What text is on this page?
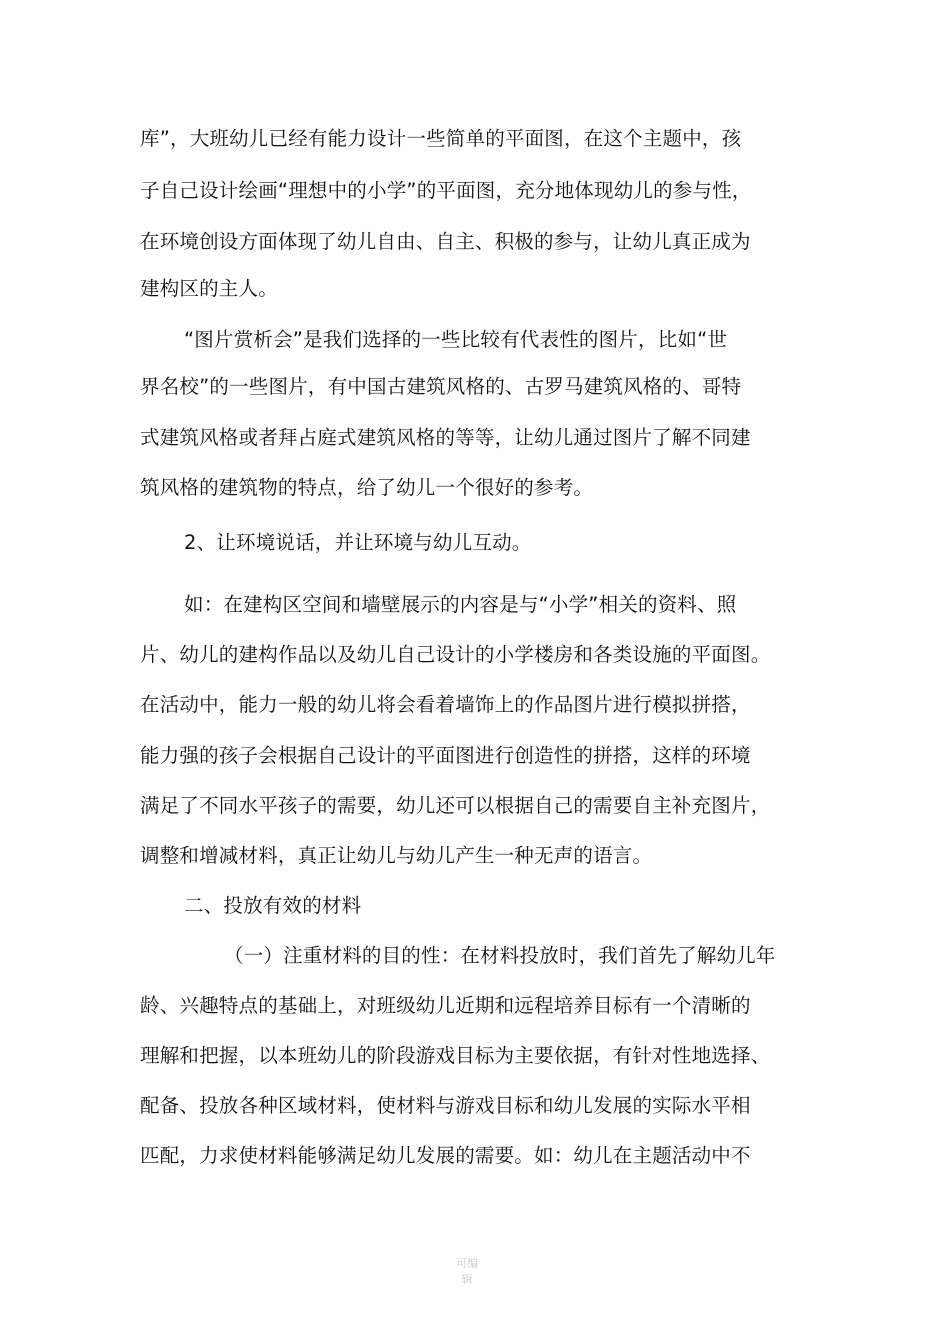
库”，大班幼儿已经有能力设计一些简单的平面图，在这个主题中，孩
子自己设计绘画“理想中的小学”的平面图，充分地体现幼儿的参与性，
在环境创设方面体现了幼儿自由、自主、积极的参与，让幼儿真正成为
建构区的主人。
“图片赏析会”是我们选择的一些比较有代表性的图片，比如“世
界名校”的一些图片，有中国古建筑风格的、古罗马建筑风格的、哥特
式建筑风格或者拜占庭式建筑风格的等等，让幼儿通过图片了解不同建
筑风格的建筑物的特点，给了幼儿一个很好的参考。
2、让环境说话，并让环境与幼儿互动。
如：在建构区空间和墙壁展示的内容是与“小学”相关的资料、照
片、幼儿的建构作品以及幼儿自己设计的小学楼房和各类设施的平面图。
在活动中，能力一般的幼儿将会看着墙饰上的作品图片进行模拟拼搭，
能力强的孩子会根据自己设计的平面图进行创造性的拼搭，这样的环境
满足了不同水平孩子的需要，幼儿还可以根据自己的需要自主补充图片，
调整和增减材料，真正让幼儿与幼儿产生一种无声的语言。
二、投放有效的材料
（一）注重材料的目的性：在材料投放时，我们首先了解幼儿年
龄、兴趣特点的基础上，对班级幼儿近期和远程培养目标有一个清晰的
理解和把握，以本班幼儿的阶段游戏目标为主要依据，有针对性地选择、
配备、投放各种区域材料，使材料与游戏目标和幼儿发展的实际水平相
匹配，力求使材料能够满足幼儿发展的需要。如：幼儿在主题活动中不
可编辑
